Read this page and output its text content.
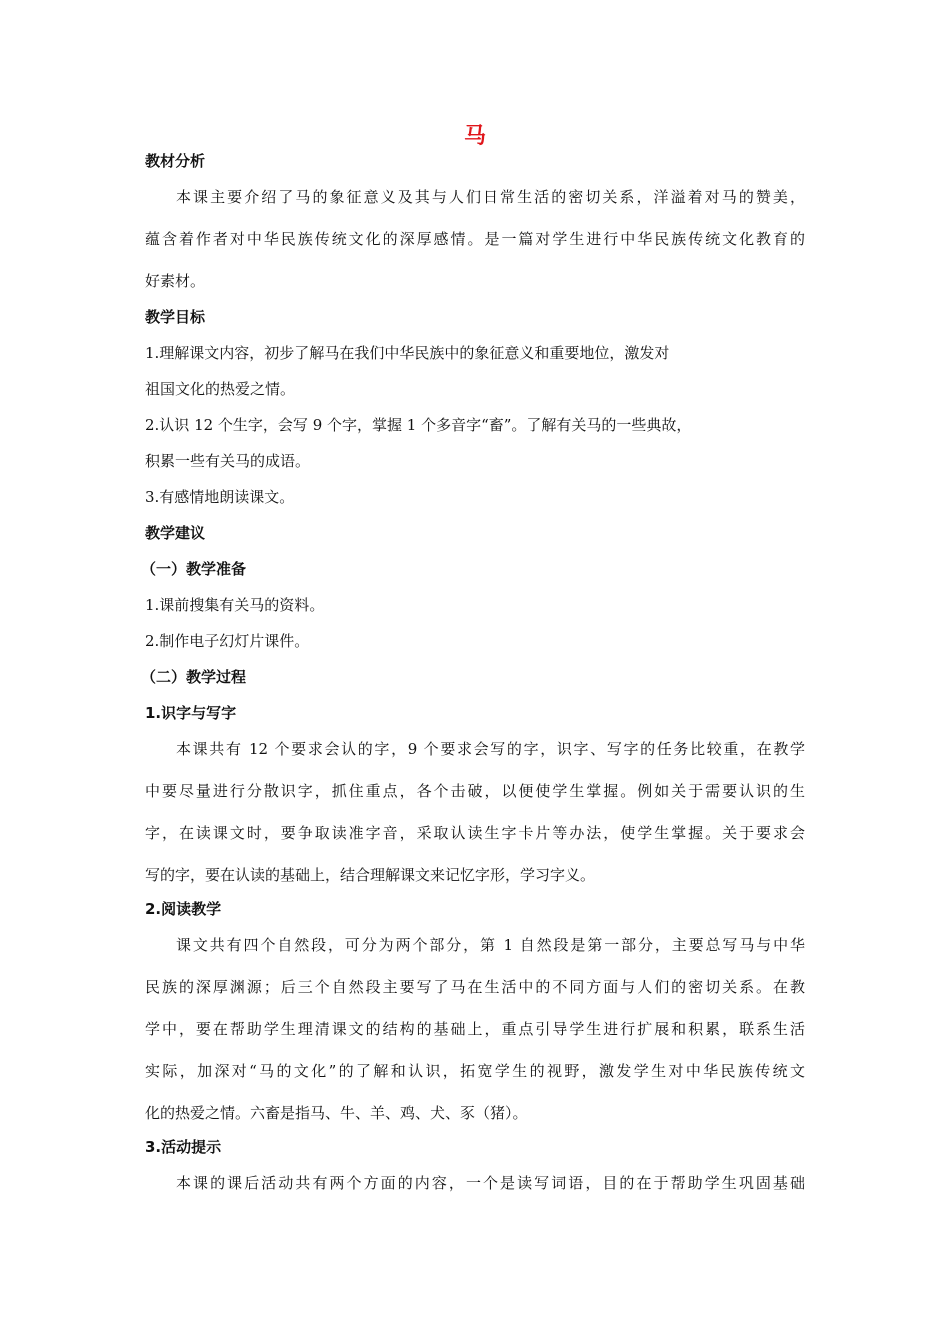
马
教材分析
本课主要介绍了马的象征意义及其与人们日常生活的密切关系，洋溢着对马的赞美，
蕴含着作者对中华民族传统文化的深厚感情。是一篇对学生进行中华民族传统文化教育的
好素材。
教学目标
1.理解课文内容，初步了解马在我们中华民族中的象征意义和重要地位，激发对
祖国文化的热爱之情。
2.认识 12 个生字，会写 9 个字，掌握 1 个多音字“畜”。了解有关马的一些典故，
积累一些有关马的成语。
3.有感情地朗读课文。
教学建议
（一）教学准备
1.课前搜集有关马的资料。
2.制作电子幻灯片课件。
（二）教学过程
1.识字与写字
本课共有 12 个要求会认的字，9 个要求会写的字，识字、写字的任务比较重，在教学
中要尽量进行分散识字，抓住重点，各个击破，以便使学生掌握。例如关于需要认识的生
字，在读课文时，要争取读准字音，采取认读生字卡片等办法，使学生掌握。关于要求会
写的字，要在认读的基础上，结合理解课文来记忆字形，学习字义。
2.阅读教学
课文共有四个自然段，可分为两个部分，第 1 自然段是第一部分，主要总写马与中华
民族的深厚渊源；后三个自然段主要写了马在生活中的不同方面与人们的密切关系。在教
学中，要在帮助学生理清课文的结构的基础上，重点引导学生进行扩展和积累，联系生活
实际，加深对“马的文化”的了解和认识，拓宽学生的视野，激发学生对中华民族传统文
化的热爱之情。六畜是指马、牛、羊、鸡、犬、豕（猪）。
3.活动提示
本课的课后活动共有两个方面的内容，一个是读写词语，目的在于帮助学生巩固基础
